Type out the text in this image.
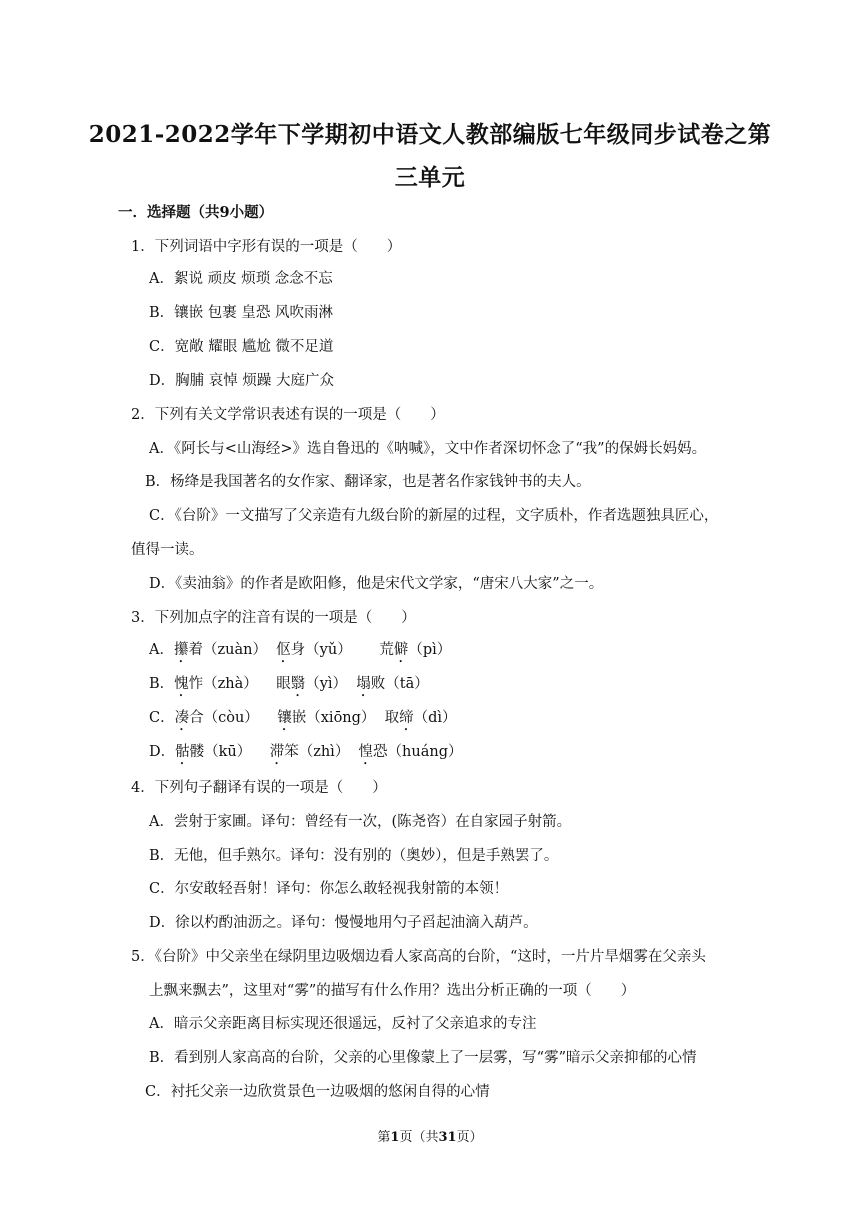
2021-2022学年下学期初中语文人教部编版七年级同步试卷之第
三单元
一．选择题（共9小题）
1．下列词语中字形有误的一项是（　　）
A．絮说 顽皮 烦琐 念念不忘
B．镶嵌 包裹 皇恐 风吹雨淋
C．宽敞 耀眼 尴尬 微不足道
D．胸脯 哀悼 烦躁 大庭广众
2．下列有关文学常识表述有误的一项是（　　）
A．《阿长与<山海经>》选自鲁迅的《呐喊》，文中作者深切怀念了“我”的保姆长妈妈。
B．杨绛是我国著名的女作家、翻译家，也是著名作家钱钟书的夫人。
C．《台阶》一文描写了父亲造有九级台阶的新屋的过程，文字质朴，作者选题独具匠心，
值得一读。
D．《卖油翁》的作者是欧阳修，他是宋代文学家，“唐宋八大家”之一。
3．下列加点字的注音有误的一项是（　　）
A．攥着（zuàn） 伛身（yǔ） 荒僻（pì）
B．愧怍（zhà） 眼翳（yì） 塌败（tā）
C．凑合（còu） 镶嵌（xiōng） 取缔（dì）
D．骷髅（kū） 滞笨（zhì） 惶恐（huáng）
4．下列句子翻译有误的一项是（　　）
A．尝射于家圃。译句：曾经有一次，(陈尧咨）在自家园子射箭。
B．无他，但手熟尔。译句：没有别的（奥妙），但是手熟罢了。
C．尔安敢轻吾射！译句：你怎么敢轻视我射箭的本领！
D．徐以杓酌油沥之。译句：慢慢地用勺子舀起油滴入葫芦。
5．《台阶》中父亲坐在绿阴里边吸烟边看人家高高的台阶，“这时，一片片旱烟雾在父亲头
上飘来飘去”，这里对“雾”的描写有什么作用？选出分析正确的一项（　　）
A．暗示父亲距离目标实现还很遥远，反衬了父亲追求的专注
B．看到别人家高高的台阶，父亲的心里像蒙上了一层雾，写“雾”暗示父亲抑郁的心情
C．衬托父亲一边欣赏景色一边吸烟的悠闲自得的心情
第1页（共31页）
